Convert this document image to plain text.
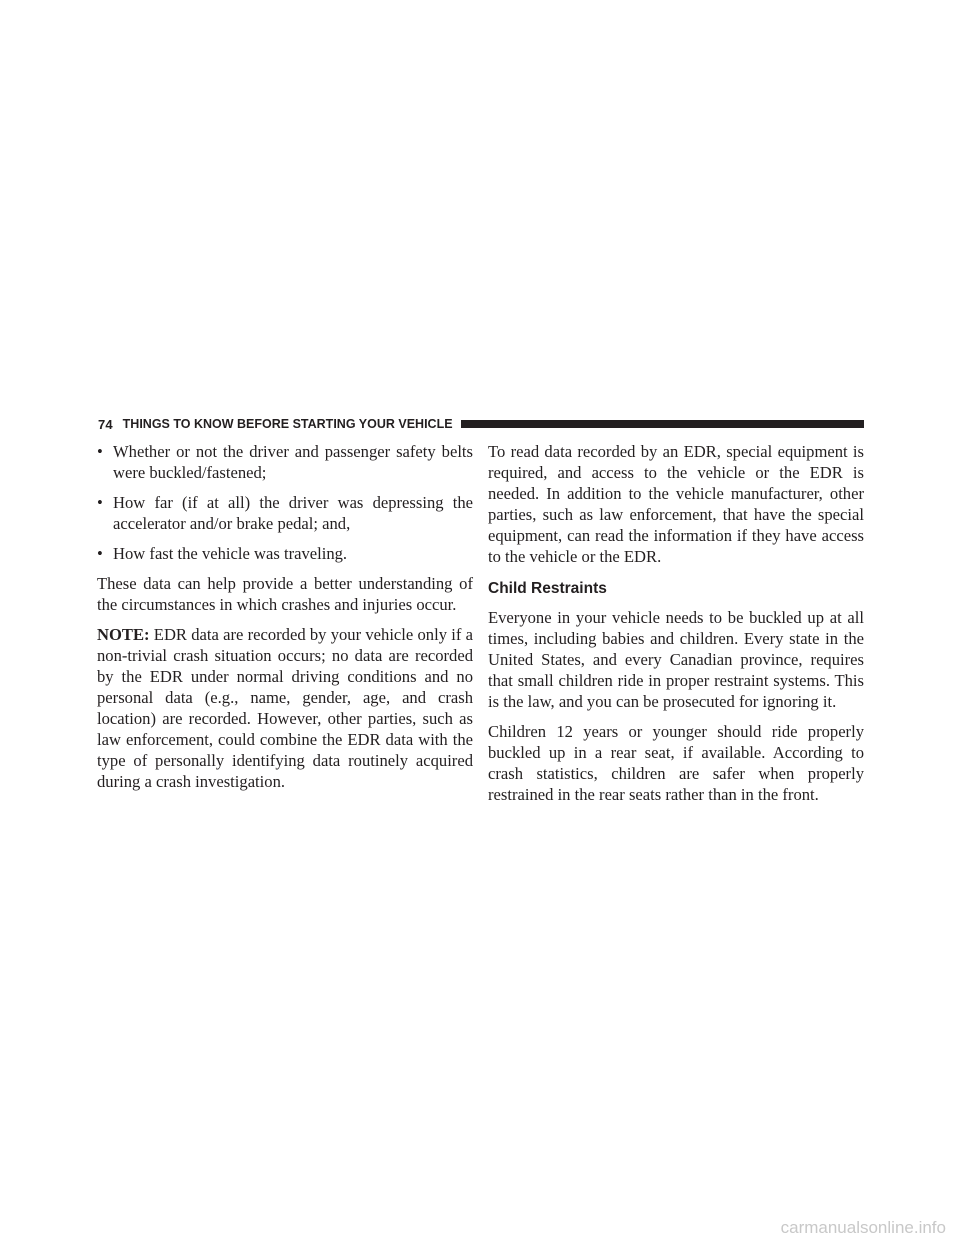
74 THINGS TO KNOW BEFORE STARTING YOUR VEHICLE
• Whether or not the driver and passenger safety belts were buckled/fastened;
• How far (if at all) the driver was depressing the accelerator and/or brake pedal; and,
• How fast the vehicle was traveling.

These data can help provide a better understanding of the circumstances in which crashes and injuries occur.

NOTE: EDR data are recorded by your vehicle only if a non-trivial crash situation occurs; no data are recorded by the EDR under normal driving conditions and no personal data (e.g., name, gender, age, and crash location) are recorded. However, other parties, such as law enforcement, could combine the EDR data with the type of personally identifying data routinely acquired during a crash investigation.

To read data recorded by an EDR, special equipment is required, and access to the vehicle or the EDR is needed. In addition to the vehicle manufacturer, other parties, such as law enforcement, that have the special equipment, can read the information if they have access to the vehicle or the EDR.

Child Restraints

Everyone in your vehicle needs to be buckled up at all times, including babies and children. Every state in the United States, and every Canadian province, requires that small children ride in proper restraint systems. This is the law, and you can be prosecuted for ignoring it.

Children 12 years or younger should ride properly buckled up in a rear seat, if available. According to crash statistics, children are safer when properly restrained in the rear seats rather than in the front.

carmanualsonline.info
